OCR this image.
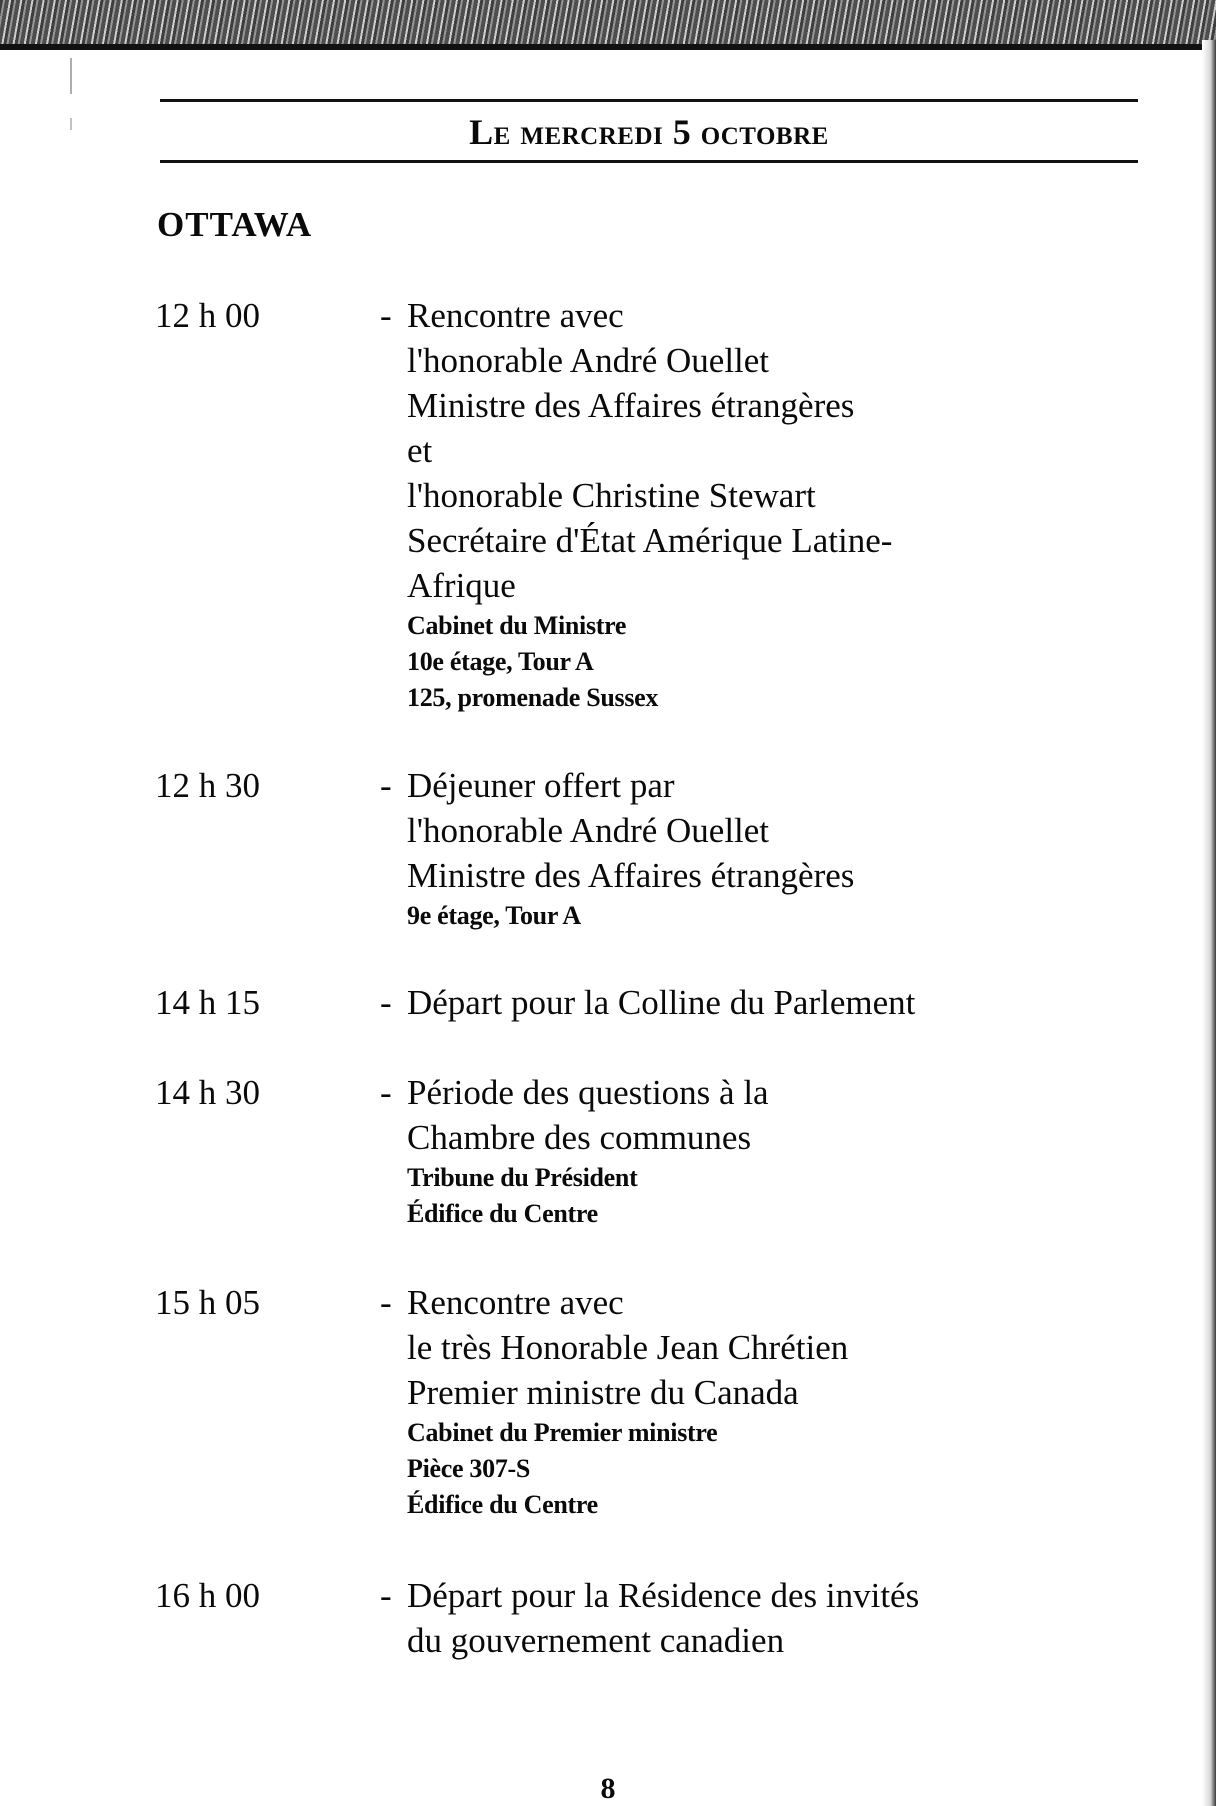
Le mercredi 5 octobre
OTTAWA
12 h 00	- Rencontre avec
l'honorable André Ouellet
Ministre des Affaires étrangères
et
l'honorable Christine Stewart
Secrétaire d'État Amérique Latine-
Afrique
Cabinet du Ministre
10e étage, Tour A
125, promenade Sussex
12 h 30	- Déjeuner offert par
l'honorable André Ouellet
Ministre des Affaires étrangères
9e étage, Tour A
14 h 15	- Départ pour la Colline du Parlement
14 h 30	- Période des questions à la
Chambre des communes
Tribune du Président
Édifice du Centre
15 h 05	- Rencontre avec
le très Honorable Jean Chrétien
Premier ministre du Canada
Cabinet du Premier ministre
Pièce 307-S
Édifice du Centre
16 h 00	- Départ pour la Résidence des invités
du gouvernement canadien
8
